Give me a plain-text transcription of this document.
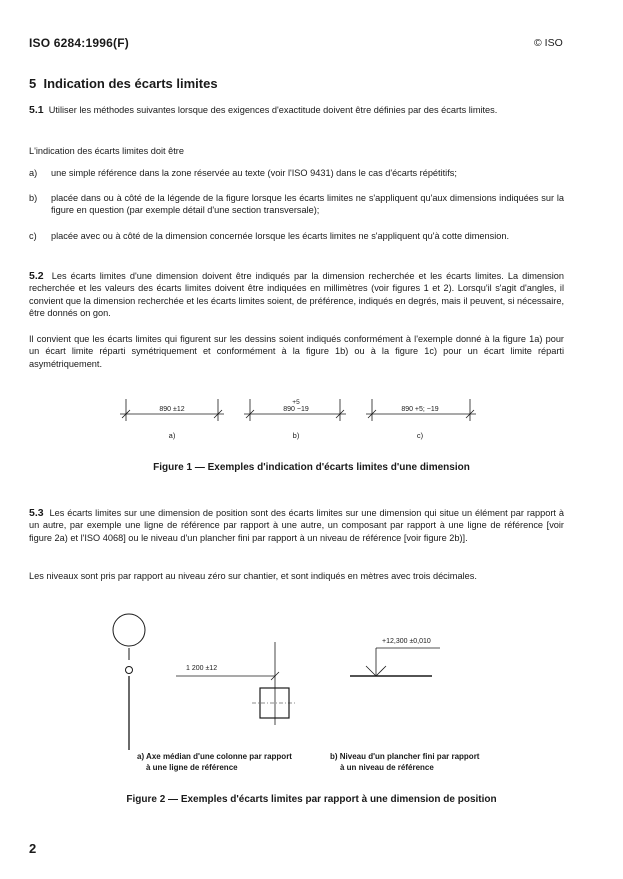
ISO 6284:1996(F)	© ISO
5 Indication des écarts limites
5.1 Utiliser les méthodes suivantes lorsque des exigences d'exactitude doivent être définies par des écarts limites.
L'indication des écarts limites doit être
a) une simple référence dans la zone réservée au texte (voir l'ISO 9431) dans le cas d'écarts répétitifs;
b) placée dans ou à côté de la légende de la figure lorsque les écarts limites ne s'appliquent qu'aux dimensions indiquées sur la figure en question (par exemple détail d'une section transversale);
c) placée avec ou à côté de la dimension concernée lorsque les écarts limites ne s'appliquent qu'à cotte dimension.
5.2 Les écarts limites d'une dimension doivent être indiqués par la dimension recherchée et les écarts limites. La dimension recherchée et les valeurs des écarts limites doivent être indiquées en millimètres (voir figures 1 et 2). Lorsqu'il s'agit d'angles, il convient que la dimension recherchée et les écarts limites soient, de préférence, indiqués en degrés, mais il peuvent, si nécessaire, être donnés on gon.
Il convient que les écarts limites qui figurent sur les dessins soient indiqués conformément à l'exemple donné à la figure 1a) pour un écart limite réparti symétriquement et conformément à la figure 1b) ou à la figure 1c) pour un écart limite réparti asymétriquement.
890 ±12
+5
890 −19	890 +5; −19
a)	b)	c)
Figure 1 — Exemples d'indication d'écarts limites d'une dimension
5.3 Les écarts limites sur une dimension de position sont des écarts limites sur une dimension qui situe un élément par rapport à un autre, par exemple une ligne de référence par rapport à une autre, un composant par rapport à une ligne de référence [voir figure 2a) et l'ISO 4068] ou le niveau d'un plancher fini par rapport à un niveau de référence [voir figure 2b)].
Les niveaux sont pris par rapport au niveau zéro sur chantier, et sont indiqués en mètres avec trois décimales.
1 200 ±12
+12,300 ±0,010
a) Axe médian d'une colonne par rapport
à une ligne de référence
b) Niveau d'un plancher fini par rapport
à un niveau de référence
Figure 2 — Exemples d'écarts limites par rapport à une dimension de position
2
